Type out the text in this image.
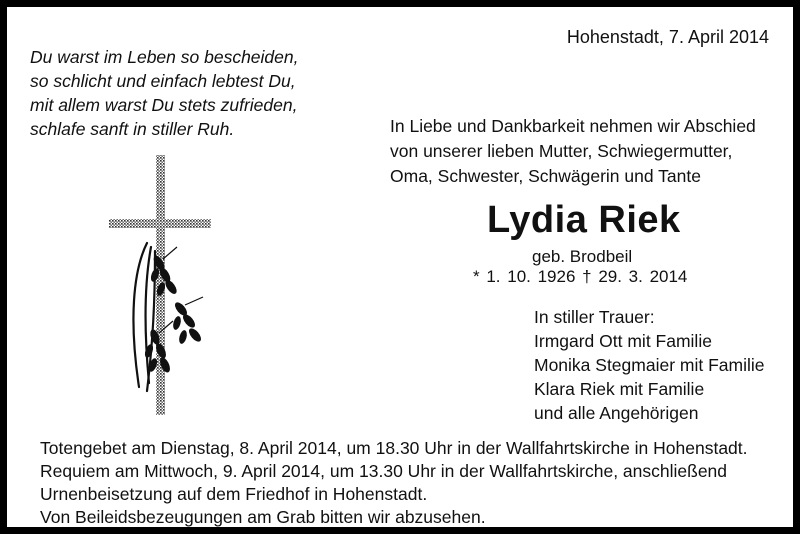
Du warst im Leben so bescheiden,
so schlicht und einfach lebtest Du,
mit allem warst Du stets zufrieden,
schlafe sanft in stiller Ruh.
Hohenstadt, 7. April 2014
In Liebe und Dankbarkeit nehmen wir Abschied
von unserer lieben Mutter, Schwiegermutter,
Oma, Schwester, Schwägerin und Tante
Lydia Riek
geb. Brodbeil
* 1. 10. 1926 † 29. 3. 2014
In stiller Trauer:
Irmgard Ott mit Familie
Monika Stegmaier mit Familie
Klara Riek mit Familie
und alle Angehörigen
Totengebet am Dienstag, 8. April 2014, um 18.30 Uhr in der Wallfahrtskirche in Hohenstadt.
Requiem am Mittwoch, 9. April 2014, um 13.30 Uhr in der Wallfahrtskirche, anschließend
Urnenbeisetzung auf dem Friedhof in Hohenstadt.
Von Beileidsbezeugungen am Grab bitten wir abzusehen.
